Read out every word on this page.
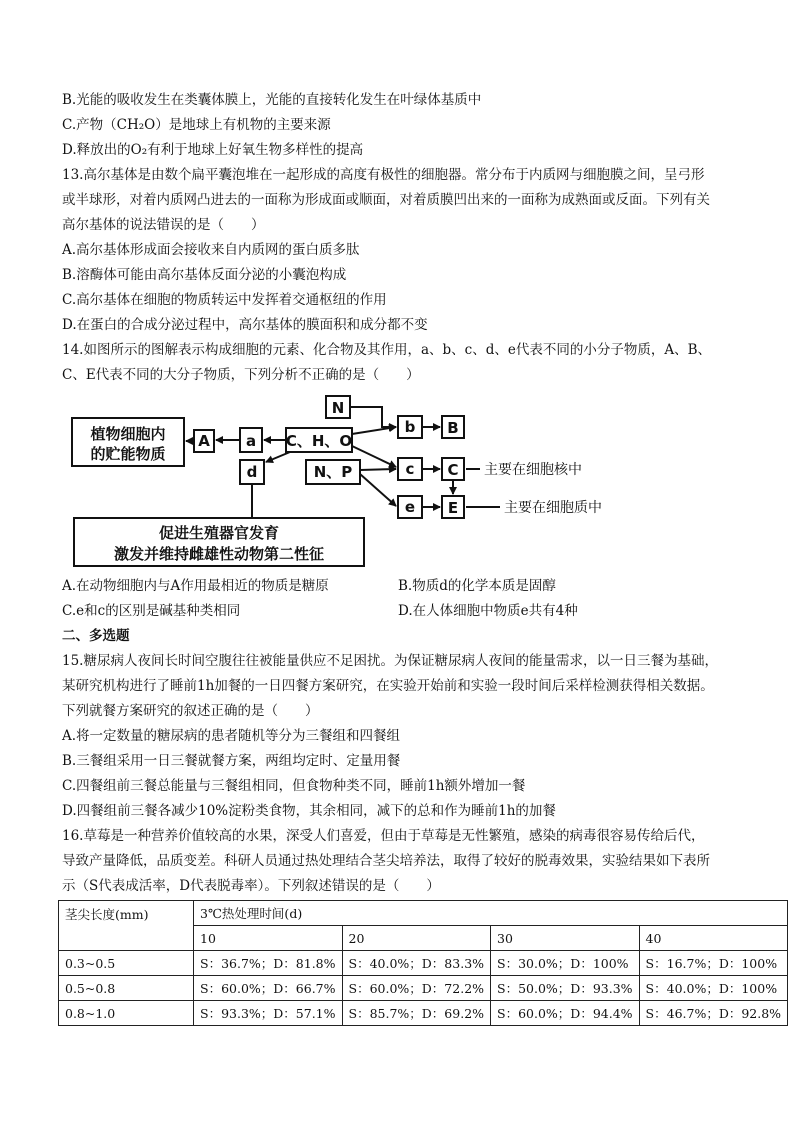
B.光能的吸收发生在类囊体膜上，光能的直接转化发生在叶绿体基质中
C.产物（CH₂O）是地球上有机物的主要来源
D.释放出的O₂有利于地球上好氧生物多样性的提高
13.高尔基体是由数个扁平囊泡堆在一起形成的高度有极性的细胞器。常分布于内质网与细胞膜之间，呈弓形
或半球形，对着内质网凸进去的一面称为形成面或顺面，对着质膜凹出来的一面称为成熟面或反面。下列有关
高尔基体的说法错误的是（　　）
A.高尔基体形成面会接收来自内质网的蛋白质多肽
B.溶酶体可能由高尔基体反面分泌的小囊泡构成
C.高尔基体在细胞的物质转运中发挥着交通枢纽的作用
D.在蛋白的合成分泌过程中，高尔基体的膜面积和成分都不变
14.如图所示的图解表示构成细胞的元素、化合物及其作用，a、b、c、d、e代表不同的小分子物质，A、B、
C、E代表不同的大分子物质，下列分析不正确的是（　　）
植物细胞内
的贮能物质
A a C、H、O
N
b B
d	N、P	c C
e E
促进生殖器官发育
激发并维持雌雄性动物第二性征
主要在细胞核中
主要在细胞质中
A.在动物细胞内与A作用最相近的物质是糖原	B.物质d的化学本质是固醇
C.e和c的区别是碱基种类相同	D.在人体细胞中物质e共有4种
二、多选题
15.糖尿病人夜间长时间空腹往往被能量供应不足困扰。为保证糖尿病人夜间的能量需求，以一日三餐为基础，
某研究机构进行了睡前1h加餐的一日四餐方案研究，在实验开始前和实验一段时间后采样检测获得相关数据。
下列就餐方案研究的叙述正确的是（　　）
A.将一定数量的糖尿病的患者随机等分为三餐组和四餐组
B.三餐组采用一日三餐就餐方案，两组均定时、定量用餐
C.四餐组前三餐总能量与三餐组相同，但食物种类不同，睡前1h额外增加一餐
D.四餐组前三餐各减少10%淀粉类食物，其余相同，减下的总和作为睡前1h的加餐
16.草莓是一种营养价值较高的水果，深受人们喜爱，但由于草莓是无性繁殖，感染的病毒很容易传给后代，
导致产量降低，品质变差。科研人员通过热处理结合茎尖培养法，取得了较好的脱毒效果，实验结果如下表所
示（S代表成活率，D代表脱毒率）。下列叙述错误的是（　　）
茎尖长度(mm)	3℃热处理时间(d)			
	10	20	30	40
0.3~0.5	S：36.7%；D：81.8%	S：40.0%；D：83.3%	S：30.0%；D：100%	S：16.7%；D：100%
0.5~0.8	S：60.0%；D：66.7%	S：60.0%；D：72.2%	S：50.0%；D：93.3%	S：40.0%；D：100%
0.8~1.0	S：93.3%；D：57.1%	S：85.7%；D：69.2%	S：60.0%；D：94.4%	S：46.7%；D：92.8%
